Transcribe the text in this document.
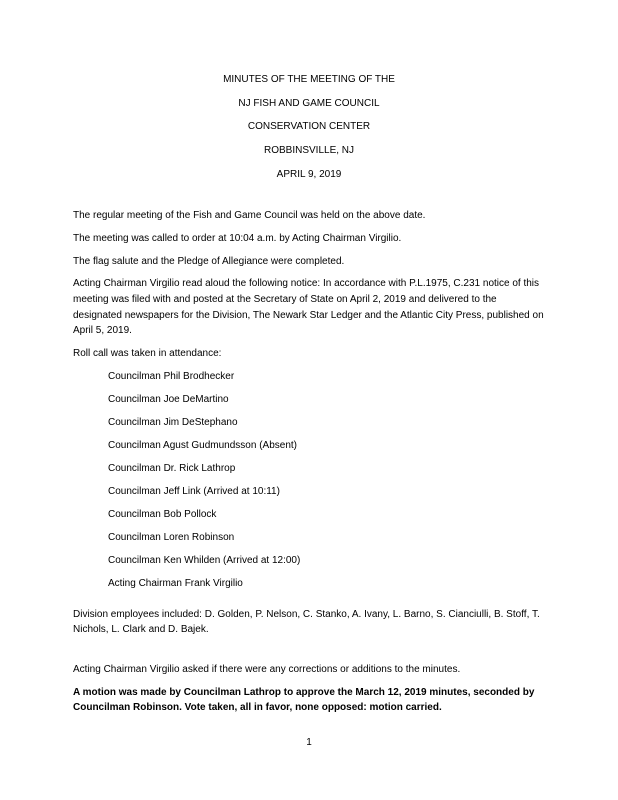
MINUTES OF THE MEETING OF THE
NJ FISH AND GAME COUNCIL
CONSERVATION CENTER
ROBBINSVILLE, NJ
APRIL 9, 2019

The regular meeting of the Fish and Game Council was held on the above date.

The meeting was called to order at 10:04 a.m. by Acting Chairman Virgilio.

The flag salute and the Pledge of Allegiance were completed.

Acting Chairman Virgilio read aloud the following notice: In accordance with P.L.1975, C.231 notice of this meeting was filed with and posted at the Secretary of State on April 2, 2019 and delivered to the designated newspapers for the Division, The Newark Star Ledger and the Atlantic City Press, published on April 5, 2019.

Roll call was taken in attendance:

Councilman Phil Brodhecker
Councilman Joe DeMartino
Councilman Jim DeStephano
Councilman Agust Gudmundsson (Absent)
Councilman Dr. Rick Lathrop
Councilman Jeff Link (Arrived at 10:11)
Councilman Bob Pollock
Councilman Loren Robinson
Councilman Ken Whilden (Arrived at 12:00)
Acting Chairman Frank Virgilio

Division employees included: D. Golden, P. Nelson, C. Stanko, A. Ivany, L. Barno, S. Cianciulli, B. Stoff, T. Nichols, L. Clark and D. Bajek.

Acting Chairman Virgilio asked if there were any corrections or additions to the minutes.

A motion was made by Councilman Lathrop to approve the March 12, 2019 minutes, seconded by Councilman Robinson. Vote taken, all in favor, none opposed: motion carried.

1
